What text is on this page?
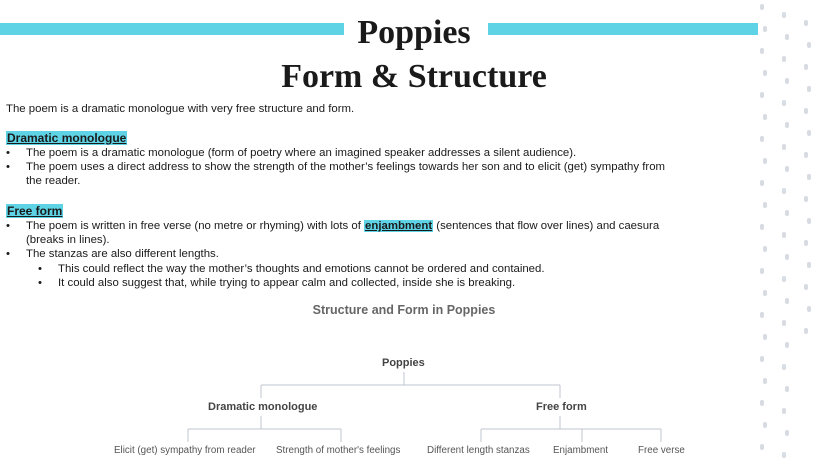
Poppies
Form & Structure
The poem is a dramatic monologue with very free structure and form.
Dramatic monologue
• The poem is a dramatic monologue (form of poetry where an imagined speaker addresses a silent audience).
• The poem uses a direct address to show the strength of the mother’s feelings towards her son and to elicit (get) sympathy from
the reader.
Free form
• The poem is written in free verse (no metre or rhyming) with lots of enjambment (sentences that flow over lines) and caesura
(breaks in lines).
• The stanzas are also different lengths.
• This could reflect the way the mother’s thoughts and emotions cannot be ordered and contained.
• It could also suggest that, while trying to appear calm and collected, inside she is breaking.
Structure and Form in Poppies
Poppies
Dramatic monologue	Free form
Elicit (get) sympathy from reader Strength of mother's feelings	Different length stanzas Enjambment	Free verse
